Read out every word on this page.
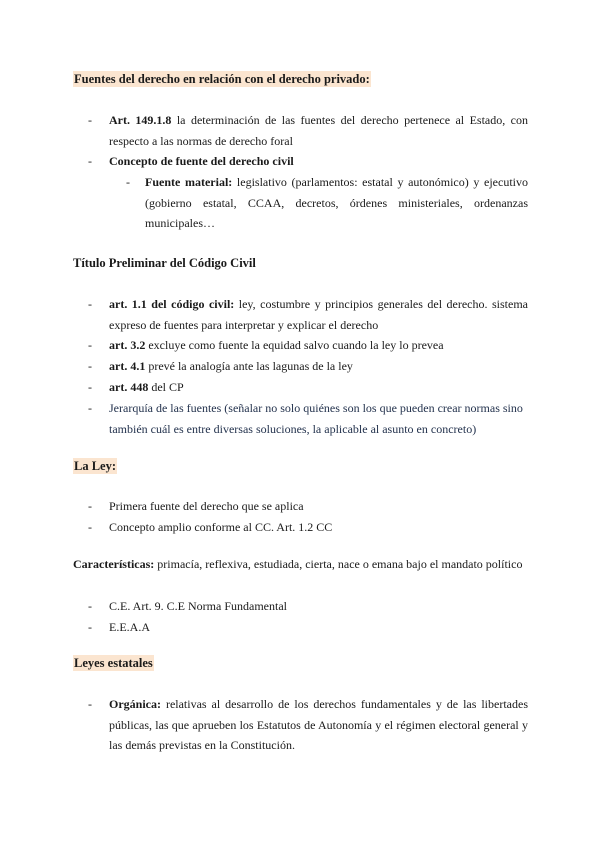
Fuentes del derecho en relación con el derecho privado:
- Art. 149.1.8 la determinación de las fuentes del derecho pertenece al Estado, con respecto a las normas de derecho foral
- Concepto de fuente del derecho civil
- Fuente material: legislativo (parlamentos: estatal y autonómico) y ejecutivo (gobierno estatal, CCAA, decretos, órdenes ministeriales, ordenanzas municipales…
Título Preliminar del Código Civil
- art. 1.1 del código civil: ley, costumbre y principios generales del derecho. sistema expreso de fuentes para interpretar y explicar el derecho
- art. 3.2 excluye como fuente la equidad salvo cuando la ley lo prevea
- art. 4.1 prevé la analogía ante las lagunas de la ley
- art. 448 del CP
- Jerarquía de las fuentes (señalar no solo quiénes son los que pueden crear normas sino también cuál es entre diversas soluciones, la aplicable al asunto en concreto)
La Ley:
- Primera fuente del derecho que se aplica
- Concepto amplio conforme al CC. Art. 1.2 CC
Características: primacía, reflexiva, estudiada, cierta, nace o emana bajo el mandato político
- C.E. Art. 9. C.E Norma Fundamental
- E.E.A.A
Leyes estatales
- Orgánica: relativas al desarrollo de los derechos fundamentales y de las libertades públicas, las que aprueben los Estatutos de Autonomía y el régimen electoral general y las demás previstas en la Constitución.
